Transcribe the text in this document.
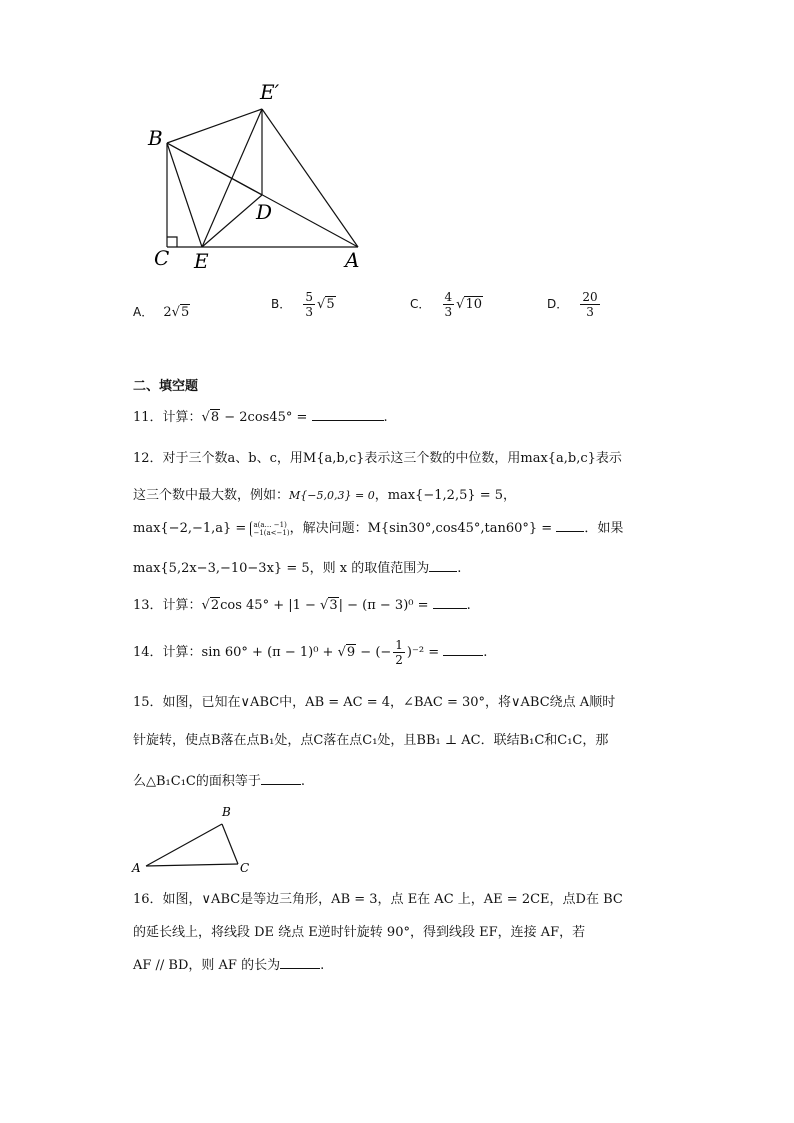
E′
B
D
C E	A
A． 2√5
B． $\frac{5}{3} √5$	C． $\frac{4}{3} √10$	D． $\frac{20}{3}$
二、填空题
11．计算：√8 − 2cos45° =	.
12．对于三个数a、b、c，用M{a,b,c}表示这三个数的中位数，用max{a,b,c}表示
这三个数中最大数，例如：M{−5,0,3} = 0，max{−1,2,5} = 5，
max{−2,−1,a} = a(a… −1)
−1(a<−1) ，解决问题：M{sin30°,cos45°,tan60°} = ．如果
max{5,2x−3,−10−3x} = 5，则 x 的取值范围为 .
13．计算：√2cos 45° + |1 − √3| − (π − 3)⁰ =	.
14．计算：sin 60° + (π − 1)⁰ + √9 − (− $\frac{1}{2} )^{-2}$ =	.
15．如图，已知在∨ABC中，AB = AC = 4，∠BAC = 30°，将∨ABC绕点 A顺时
针旋转，使点B落在点B₁处，点C落在点C₁处，且BB₁ ⊥ AC．联结B₁C和C₁C，那
么△B₁C₁C的面积等于	.
B
A	C
16．如图，∨ABC是等边三角形，AB = 3，点 E在 AC 上，AE = 2CE，点D在 BC
的延长线上，将线段 DE 绕点 E逆时针旋转 90°，得到线段 EF，连接 AF，若
AF // BD，则 AF 的长为	.
